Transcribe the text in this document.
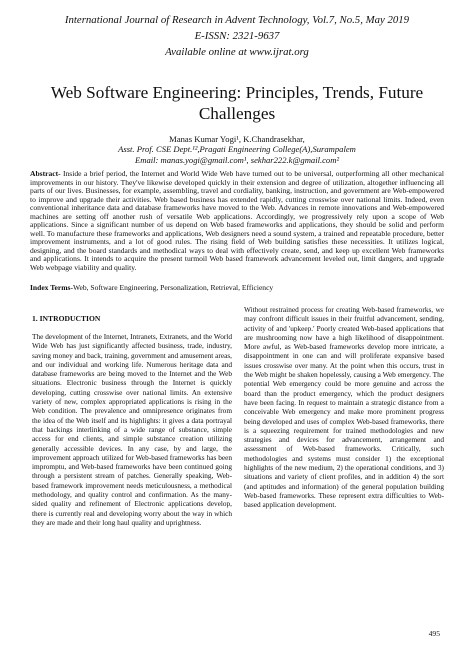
International Journal of Research in Advent Technology, Vol.7, No.5, May 2019
E-ISSN: 2321-9637
Available online at www.ijrat.org
Web Software Engineering: Principles, Trends, Future Challenges
Manas Kumar Yogi¹, K.Chandrasekhar,
Asst. Prof. CSE Dept.¹²,Pragati Engineering College(A),Surampalem
Email: manas.yogi@gmail.com¹, sekhar222.k@gmail.com²
Abstract- Inside a brief period, the Internet and World Wide Web have turned out to be universal, outperforming all other mechanical improvements in our history. They've likewise developed quickly in their extension and degree of utilization, altogether influencing all parts of our lives. Businesses, for example, assembling, travel and cordiality, banking, instruction, and government are Web-empowered to improve and upgrade their activities. Web based business has extended rapidly, cutting crosswise over national limits. Indeed, even conventional inheritance data and database frameworks have moved to the Web. Advances in remote innovations and Web-empowered machines are setting off another rush of versatile Web applications. Accordingly, we progressively rely upon a scope of Web applications. Since a significant number of us depend on Web based frameworks and applications, they should be solid and perform well. To manufacture these frameworks and applications, Web designers need a sound system, a trained and repeatable procedure, better improvement instruments, and a lot of good rules. The rising field of Web building satisfies these necessities. It utilizes logical, designing, and the board standards and methodical ways to deal with effectively create, send, and keep up excellent Web frameworks and applications. It intends to acquire the present turmoil Web based framework advancement leveled out, limit dangers, and upgrade Web webpage viability and quality.
Index Terms-Web, Software Engineering, Personalization, Retrieval, Efficiency
1. INTRODUCTION
The development of the Internet, Intranets, Extranets, and the World Wide Web has just significantly affected business, trade, industry, saving money and back, training, government and amusement areas, and our individual and working life. Numerous heritage data and database frameworks are being moved to the Internet and the Web situations. Electronic business through the Internet is quickly developing, cutting crosswise over national limits. An extensive variety of new, complex appropriated applications is rising in the Web condition. The prevalence and omnipresence originates from the idea of the Web itself and its highlights: it gives a data portrayal that backings interlinking of a wide range of substance, simple access for end clients, and simple substance creation utilizing generally accessible devices. In any case, by and large, the improvement approach utilized for Web-based frameworks has been impromptu, and Web-based frameworks have been continued going through a persistent stream of patches. Generally speaking, Web-based framework improvement needs meticulousness, a methodical methodology, and quality control and confirmation. As the many-sided quality and refinement of Electronic applications develop, there is currently real and developing worry about the way in which they are made and their long haul quality and uprightness.
Without restrained process for creating Web-based frameworks, we may confront difficult issues in their fruitful advancement, sending, activity of and 'upkeep.' Poorly created Web-based applications that are mushrooming now have a high likelihood of disappointment. More awful, as Web-based frameworks develop more intricate, a disappointment in one can and will proliferate expansive based issues crosswise over many. At the point when this occurs, trust in the Web might be shaken hopelessly, causing a Web emergency. The potential Web emergency could be more genuine and across the board than the product emergency, which the product designers have been facing. In request to maintain a strategic distance from a conceivable Web emergency and make more prominent progress being developed and uses of complex Web-based frameworks, there is a squeezing requirement for trained methodologies and new strategies and devices for advancement, arrangement and assessment of Web-based frameworks. Critically, such methodologies and systems must consider 1) the exceptional highlights of the new medium, 2) the operational conditions, and 3) situations and variety of client profiles, and in addition 4) the sort (and aptitudes and information) of the general population building Web-based frameworks. These represent extra difficulties to Web-based application development.
495
